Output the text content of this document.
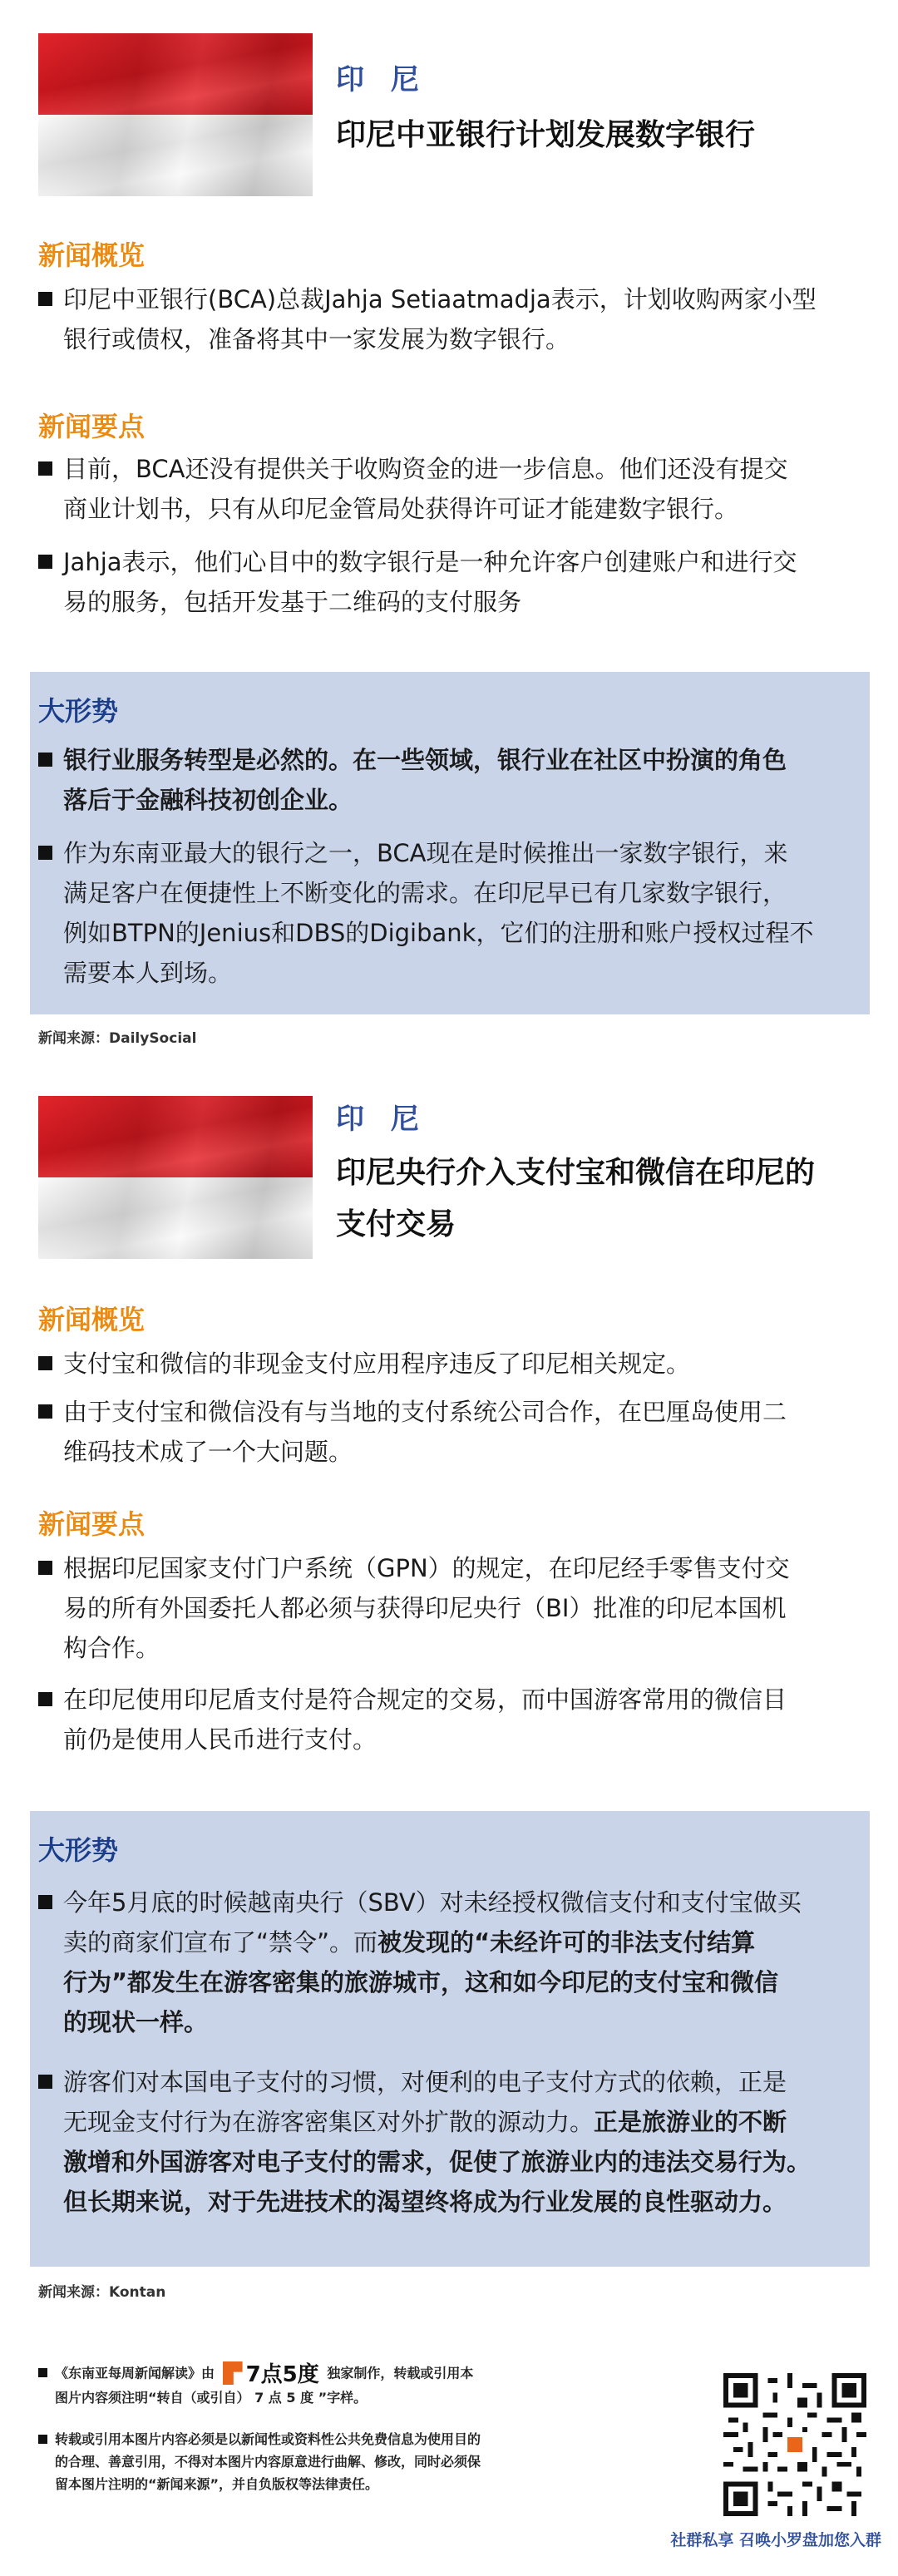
印 尼
印尼中亚银行计划发展数字银行
新闻概览
印尼中亚银行(BCA)总裁Jahja Setiaatmadja表示，计划收购两家小型
银行或债权，准备将其中一家发展为数字银行。
新闻要点
目前，BCA还没有提供关于收购资金的进一步信息。他们还没有提交
商业计划书，只有从印尼金管局处获得许可证才能建数字银行。
Jahja表示，他们心目中的数字银行是一种允许客户创建账户和进行交
易的服务，包括开发基于二维码的支付服务
大形势
银行业服务转型是必然的。在一些领域，银行业在社区中扮演的角色
落后于金融科技初创企业。
作为东南亚最大的银行之一，BCA现在是时候推出一家数字银行，来
满足客户在便捷性上不断变化的需求。在印尼早已有几家数字银行，
例如BTPN的Jenius和DBS的Digibank，它们的注册和账户授权过程不
需要本人到场。
新闻来源：DailySocial
印 尼
印尼央行介入支付宝和微信在印尼的
支付交易
新闻概览
支付宝和微信的非现金支付应用程序违反了印尼相关规定。
由于支付宝和微信没有与当地的支付系统公司合作，在巴厘岛使用二
维码技术成了一个大问题。
新闻要点
根据印尼国家支付门户系统（GPN）的规定，在印尼经手零售支付交
易的所有外国委托人都必须与获得印尼央行（BI）批准的印尼本国机
构合作。
在印尼使用印尼盾支付是符合规定的交易，而中国游客常用的微信目
前仍是使用人民币进行支付。
大形势
今年5月底的时候越南央行（SBV）对未经授权微信支付和支付宝做买
卖的商家们宣布了“禁令”。而被发现的“未经许可的非法支付结算
行为”都发生在游客密集的旅游城市，这和如今印尼的支付宝和微信
的现状一样。
游客们对本国电子支付的习惯，对便利的电子支付方式的依赖，正是
无现金支付行为在游客密集区对外扩散的源动力。正是旅游业的不断
激增和外国游客对电子支付的需求，促使了旅游业内的违法交易行为。
但长期来说，对于先进技术的渴望终将成为行业发展的良性驱动力。
新闻来源：Kontan
《东南亚每周新闻解读》由 7点5度 独家制作，转载或引用本
图片内容须注明“转自（或引自） 7 点 5 度 ”字样。
转载或引用本图片内容必须是以新闻性或资料性公共免费信息为使用目的
的合理、善意引用，不得对本图片内容原意进行曲解、修改，同时必须保
留本图片注明的“新闻来源”，并自负版权等法律责任。
社群私享 召唤小罗盘加您入群
